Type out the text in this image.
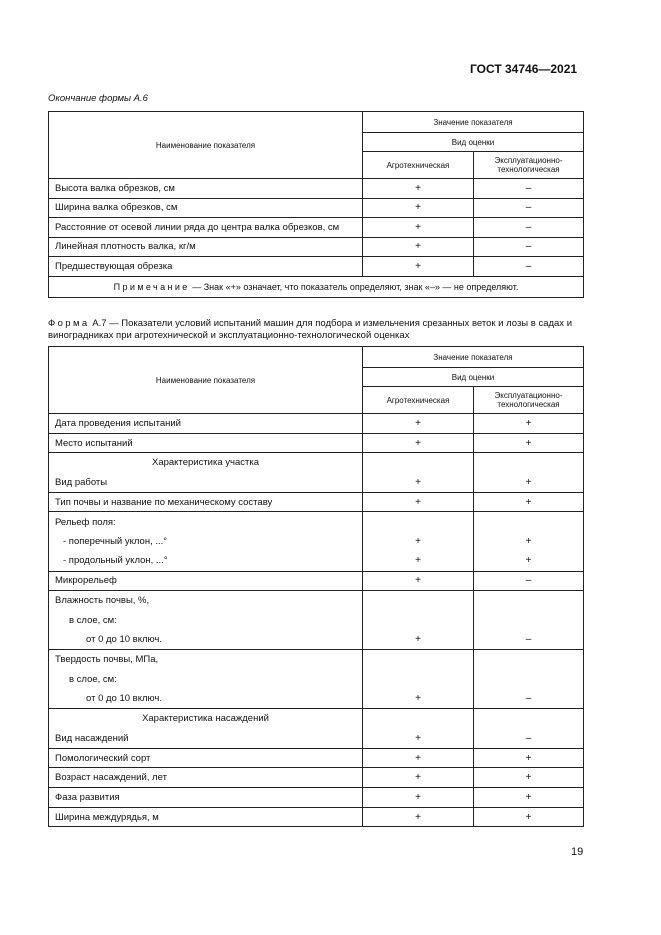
ГОСТ 34746—2021
Окончание формы А.6
Наименование показателя	Значение показателя	
	Вид оценки	
	Агротехническая	Эксплуатационно-технологическая
Высота валка обрезков, см	+	–
Ширина валка обрезков, см	+	–
Расстояние от осевой линии ряда до центра валка обрезков, см	+	–
Линейная плотность валка, кг/м	+	–
Предшествующая обрезка	+	–
Примечание — Знак «+» означает, что показатель определяют, знак «–» — не определяют.		
Форма А.7 — Показатели условий испытаний машин для подбора и измельчения срезанных веток и лозы в садах и виноградниках при агротехнической и эксплуатационно-технологической оценках
Наименование показателя	Значение показателя	
	Вид оценки	
	Агротехническая	Эксплуатационно-технологическая
Дата проведения испытаний	+	+
Место испытаний	+	+
Характеристика участка		
Вид работы	+	+
Тип почвы и название по механическому составу	+	+
Рельеф поля:		
- поперечный уклон, ...°	+	+
- продольный уклон, ...°	+	+
Микрорельеф	+	–
Влажность почвы, %,		
в слое, см:		
от 0 до 10 включ.	+	–
Твердость почвы, МПа,		
в слое, см:		
от 0 до 10 включ.	+	–
Характеристика насаждений		
Вид насаждений	+	–
Помологический сорт	+	+
Возраст насаждений, лет	+	+
Фаза развития	+	+
Ширина междурядья, м	+	+
19
